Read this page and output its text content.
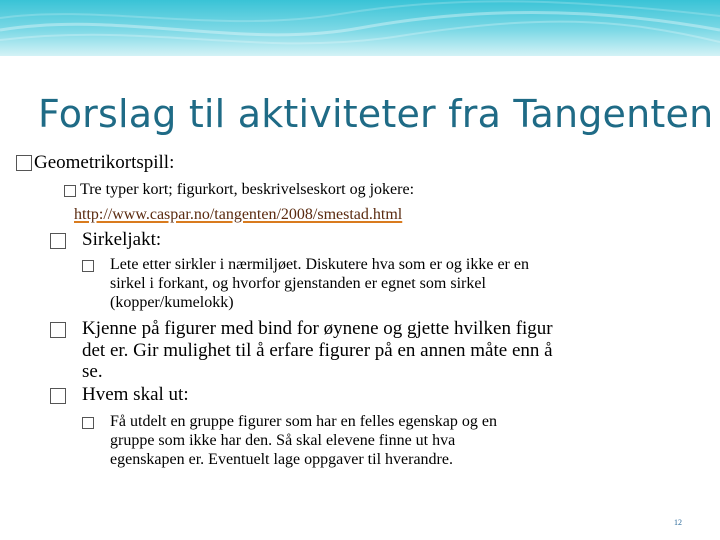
Forslag til aktiviteter fra Tangenten
Geometrikortspill:
Tre typer kort; figurkort, beskrivelseskort og jokere:
http://www.caspar.no/tangenten/2008/smestad.html
Sirkeljakt:
Lete etter sirkler i nærmiljøet. Diskutere hva som er og ikke er en
sirkel i forkant, og hvorfor gjenstanden er egnet som sirkel
(kopper/kumelokk)
Kjenne på figurer med bind for øynene og gjette hvilken figur
det er. Gir mulighet til å erfare figurer på en annen måte enn å
se.
Hvem skal ut:
Få utdelt en gruppe figurer som har en felles egenskap og en
gruppe som ikke har den. Så skal elevene finne ut hva
egenskapen er. Eventuelt lage oppgaver til hverandre.
12
